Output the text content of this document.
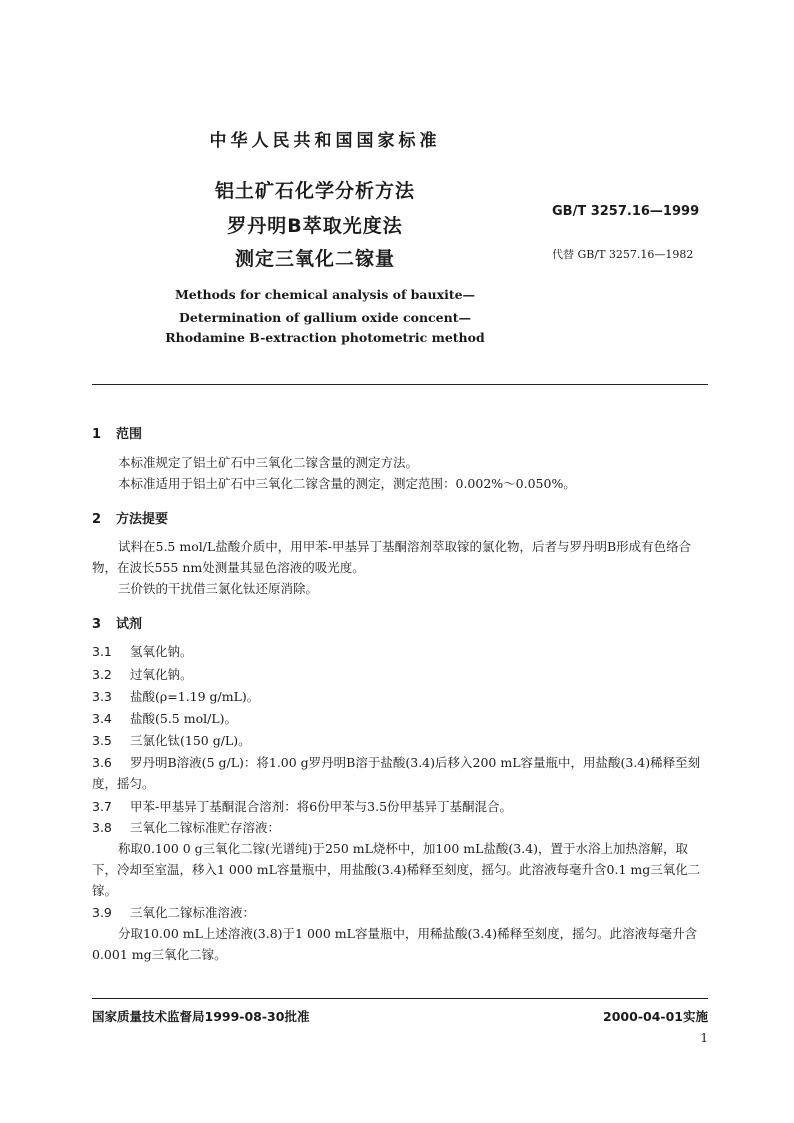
中华人民共和国国家标准
铝土矿石化学分析方法
罗丹明B萃取光度法
测定三氧化二镓量
GB/T 3257.16—1999
代替 GB/T 3257.16—1982
Methods for chemical analysis of bauxite—
Determination of gallium oxide concent—
Rhodamine B-extraction photometric method
1 范围
本标准规定了铝土矿石中三氧化二镓含量的测定方法。
本标准适用于铝土矿石中三氧化二镓含量的测定，测定范围：0.002%～0.050%。
2 方法提要
试料在5.5 mol/L盐酸介质中，用甲苯-甲基异丁基酮溶剂萃取镓的氯化物，后者与罗丹明B形成有色络合物，在波长555 nm处测量其显色溶液的吸光度。
三价铁的干扰借三氯化钛还原消除。
3 试剂
3.1 氢氧化钠。
3.2 过氧化钠。
3.3 盐酸(ρ=1.19 g/mL)。
3.4 盐酸(5.5 mol/L)。
3.5 三氯化钛(150 g/L)。
3.6 罗丹明B溶液(5 g/L)：将1.00 g罗丹明B溶于盐酸(3.4)后移入200 mL容量瓶中，用盐酸(3.4)稀释至刻度，摇匀。
3.7 甲苯-甲基异丁基酮混合溶剂：将6份甲苯与3.5份甲基异丁基酮混合。
3.8 三氧化二镓标准贮存溶液：
称取0.100 0 g三氧化二镓(光谱纯)于250 mL烧杯中，加100 mL盐酸(3.4)，置于水浴上加热溶解，取下，冷却至室温，移入1 000 mL容量瓶中，用盐酸(3.4)稀释至刻度，摇匀。此溶液每毫升含0.1 mg三氧化二镓。
3.9 三氧化二镓标准溶液：
分取10.00 mL上述溶液(3.8)于1 000 mL容量瓶中，用稀盐酸(3.4)稀释至刻度，摇匀。此溶液每毫升含0.001 mg三氧化二镓。
国家质量技术监督局1999-08-30批准	2000-04-01实施
1
